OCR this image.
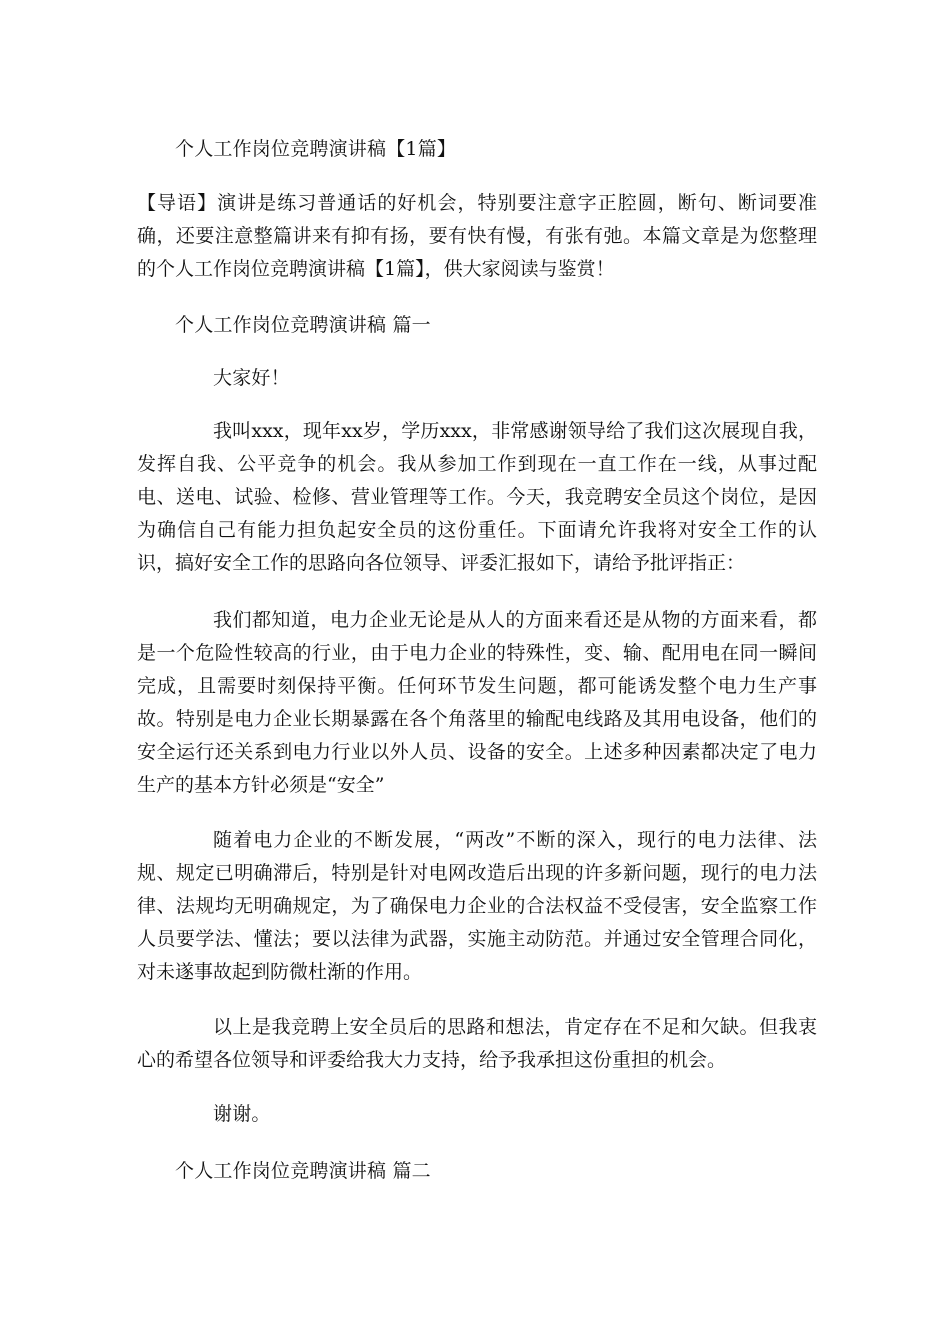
个人工作岗位竞聘演讲稿【1篇】
【导语】演讲是练习普通话的好机会，特别要注意字正腔圆，断句、断词要准确，还要注意整篇讲来有抑有扬，要有快有慢，有张有弛。本篇文章是为您整理的个人工作岗位竞聘演讲稿【1篇】，供大家阅读与鉴赏！
个人工作岗位竞聘演讲稿 篇一
大家好！
我叫xxx，现年xx岁，学历xxx，非常感谢领导给了我们这次展现自我，发挥自我、公平竞争的机会。我从参加工作到现在一直工作在一线，从事过配电、送电、试验、检修、营业管理等工作。今天，我竞聘安全员这个岗位，是因为确信自己有能力担负起安全员的这份重任。下面请允许我将对安全工作的认识，搞好安全工作的思路向各位领导、评委汇报如下，请给予批评指正：
我们都知道，电力企业无论是从人的方面来看还是从物的方面来看，都是一个危险性较高的行业，由于电力企业的特殊性，变、输、配用电在同一瞬间完成，且需要时刻保持平衡。任何环节发生问题，都可能诱发整个电力生产事故。特别是电力企业长期暴露在各个角落里的输配电线路及其用电设备，他们的安全运行还关系到电力行业以外人员、设备的安全。上述多种因素都决定了电力生产的基本方针必须是“安全”
随着电力企业的不断发展，“两改”不断的深入，现行的电力法律、法规、规定已明确滞后，特别是针对电网改造后出现的许多新问题，现行的电力法律、法规均无明确规定，为了确保电力企业的合法权益不受侵害，安全监察工作人员要学法、懂法；要以法律为武器，实施主动防范。并通过安全管理合同化，对未遂事故起到防微杜渐的作用。
以上是我竞聘上安全员后的思路和想法，肯定存在不足和欠缺。但我衷心的希望各位领导和评委给我大力支持，给予我承担这份重担的机会。
谢谢。
个人工作岗位竞聘演讲稿 篇二
